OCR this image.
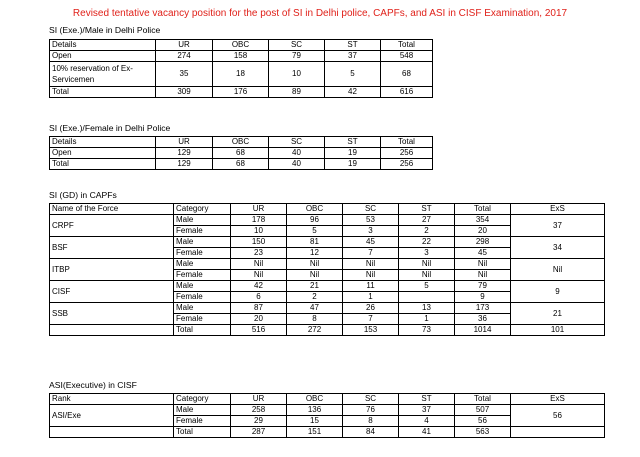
Revised tentative vacancy position for the post of SI in Delhi police, CAPFs, and ASI in CISF Examination, 2017
SI (Exe.)/Male in Delhi Police
Details	UR	OBC	SC	ST	Total
Open	274	158	79	37	548
10% reservation of Ex-Servicemen	35	18	10	5	68
Total	309	176	89	42	616
SI (Exe.)/Female in Delhi Police
Details	UR	OBC	SC	ST	Total
Open	129	68	40	19	256
Total	129	68	40	19	256
SI (GD) in CAPFs
Name of the Force	Category	UR	OBC	SC	ST	Total	ExS
CRPF	Male	178	96	53	27	354	37
	Female	10	5	3	2	20	
BSF	Male	150	81	45	22	298	34
	Female	23	12	7	3	45	
ITBP	Male	Nil	Nil	Nil	Nil	Nil	Nil
	Female	Nil	Nil	Nil	Nil	Nil	
CISF	Male	42	21	11	5	79	9
	Female	6	2	1		9	
SSB	Male	87	47	26	13	173	21
	Female	20	8	7	1	36	
	Total	516	272	153	73	1014	101
ASI(Executive) in CISF
Rank	Category	UR	OBC	SC	ST	Total	ExS
ASI/Exe	Male	258	136	76	37	507	56
	Female	29	15	8	4	56	
	Total	287	151	84	41	563	
